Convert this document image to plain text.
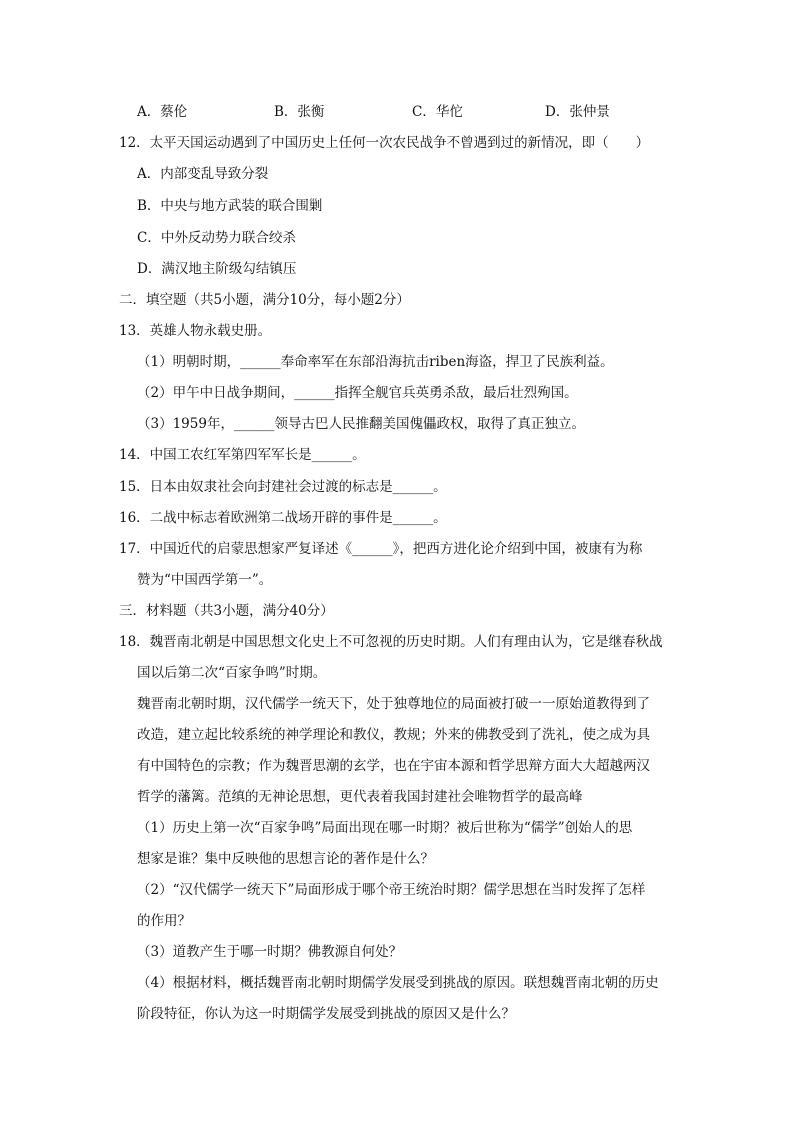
A．蔡伦	B．张衡	C．华佗	D．张仲景
12．太平天国运动遇到了中国历史上任何一次农民战争不曾遇到过的新情况，即（　　）
A．内部变乱导致分裂
B．中央与地方武装的联合围剿
C．中外反动势力联合绞杀
D．满汉地主阶级勾结镇压
二．填空题（共5小题，满分10分，每小题2分）
13．英雄人物永载史册。
（1）明朝时期，______奉命率军在东部沿海抗击riben海盗，捍卫了民族利益。
（2）甲午中日战争期间，______指挥全舰官兵英勇杀敌，最后壮烈殉国。
（3）1959年，______领导古巴人民推翻美国傀儡政权，取得了真正独立。
14．中国工农红军第四军军长是______。
15．日本由奴隶社会向封建社会过渡的标志是______。
16．二战中标志着欧洲第二战场开辟的事件是______。
17．中国近代的启蒙思想家严复译述《______》，把西方进化论介绍到中国，被康有为称
赞为“中国西学第一”。
三．材料题（共3小题，满分40分）
18．魏晋南北朝是中国思想文化史上不可忽视的历史时期。人们有理由认为，它是继春秋战
国以后第二次“百家争鸣”时期。
魏晋南北朝时期，汉代儒学一统天下，处于独尊地位的局面被打破一一原始道教得到了
改造，建立起比较系统的神学理论和教仪，教规；外来的佛教受到了洗礼，使之成为具
有中国特色的宗教；作为魏晋思潮的玄学，也在宇宙本源和哲学思辩方面大大超越两汉
哲学的藩篱。范缜的无神论思想，更代表着我国封建社会唯物哲学的最高峰
（1）历史上第一次“百家争鸣”局面出现在哪一时期？被后世称为“儒学”创始人的思
想家是谁？集中反映他的思想言论的著作是什么？
（2）“汉代儒学一统天下”局面形成于哪个帝王统治时期？儒学思想在当时发挥了怎样
的作用？
（3）道教产生于哪一时期？佛教源自何处？
（4）根据材料，概括魏晋南北朝时期儒学发展受到挑战的原因。联想魏晋南北朝的历史
阶段特征，你认为这一时期儒学发展受到挑战的原因又是什么？
